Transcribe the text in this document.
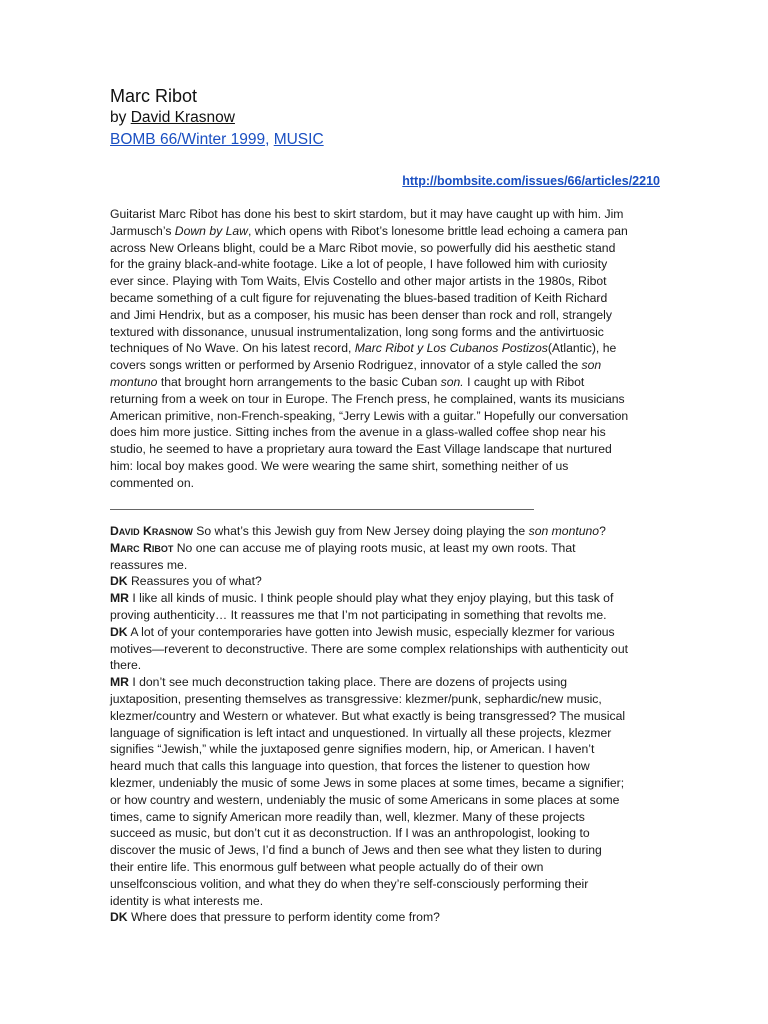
Marc Ribot
by David Krasnow
BOMB 66/Winter 1999, MUSIC
http://bombsite.com/issues/66/articles/2210
Guitarist Marc Ribot has done his best to skirt stardom, but it may have caught up with him. Jim
Jarmusch’s Down by Law, which opens with Ribot’s lonesome brittle lead echoing a camera pan
across New Orleans blight, could be a Marc Ribot movie, so powerfully did his aesthetic stand
for the grainy black-and-white footage. Like a lot of people, I have followed him with curiosity
ever since. Playing with Tom Waits, Elvis Costello and other major artists in the 1980s, Ribot
became something of a cult figure for rejuvenating the blues-based tradition of Keith Richard
and Jimi Hendrix, but as a composer, his music has been denser than rock and roll, strangely
textured with dissonance, unusual instrumentalization, long song forms and the antivirtuosic
techniques of No Wave. On his latest record, Marc Ribot y Los Cubanos Postizos(Atlantic), he
covers songs written or performed by Arsenio Rodriguez, innovator of a style called the son
montuno that brought horn arrangements to the basic Cuban son. I caught up with Ribot
returning from a week on tour in Europe. The French press, he complained, wants its musicians
American primitive, non-French-speaking, “Jerry Lewis with a guitar.” Hopefully our conversation
does him more justice. Sitting inches from the avenue in a glass-walled coffee shop near his
studio, he seemed to have a proprietary aura toward the East Village landscape that nurtured
him: local boy makes good. We were wearing the same shirt, something neither of us
commented on.

David Krasnow So what’s this Jewish guy from New Jersey doing playing the son montuno?

Marc Ribot No one can accuse me of playing roots music, at least my own roots. That
reassures me.

DK Reassures you of what?

MR I like all kinds of music. I think people should play what they enjoy playing, but this task of
proving authenticity… It reassures me that I’m not participating in something that revolts me.

DK A lot of your contemporaries have gotten into Jewish music, especially klezmer for various
motives—reverent to deconstructive. There are some complex relationships with authenticity out
there.

MR I don’t see much deconstruction taking place. There are dozens of projects using
juxtaposition, presenting themselves as transgressive: klezmer/punk, sephardic/new music,
klezmer/country and Western or whatever. But what exactly is being transgressed? The musical
language of signification is left intact and unquestioned. In virtually all these projects, klezmer
signifies “Jewish,” while the juxtaposed genre signifies modern, hip, or American. I haven’t
heard much that calls this language into question, that forces the listener to question how
klezmer, undeniably the music of some Jews in some places at some times, became a signifier;
or how country and western, undeniably the music of some Americans in some places at some
times, came to signify American more readily than, well, klezmer. Many of these projects
succeed as music, but don’t cut it as deconstruction. If I was an anthropologist, looking to
discover the music of Jews, I’d find a bunch of Jews and then see what they listen to during
their entire life. This enormous gulf between what people actually do of their own
unselfconscious volition, and what they do when they’re self-consciously performing their
identity is what interests me.

DK Where does that pressure to perform identity come from?
